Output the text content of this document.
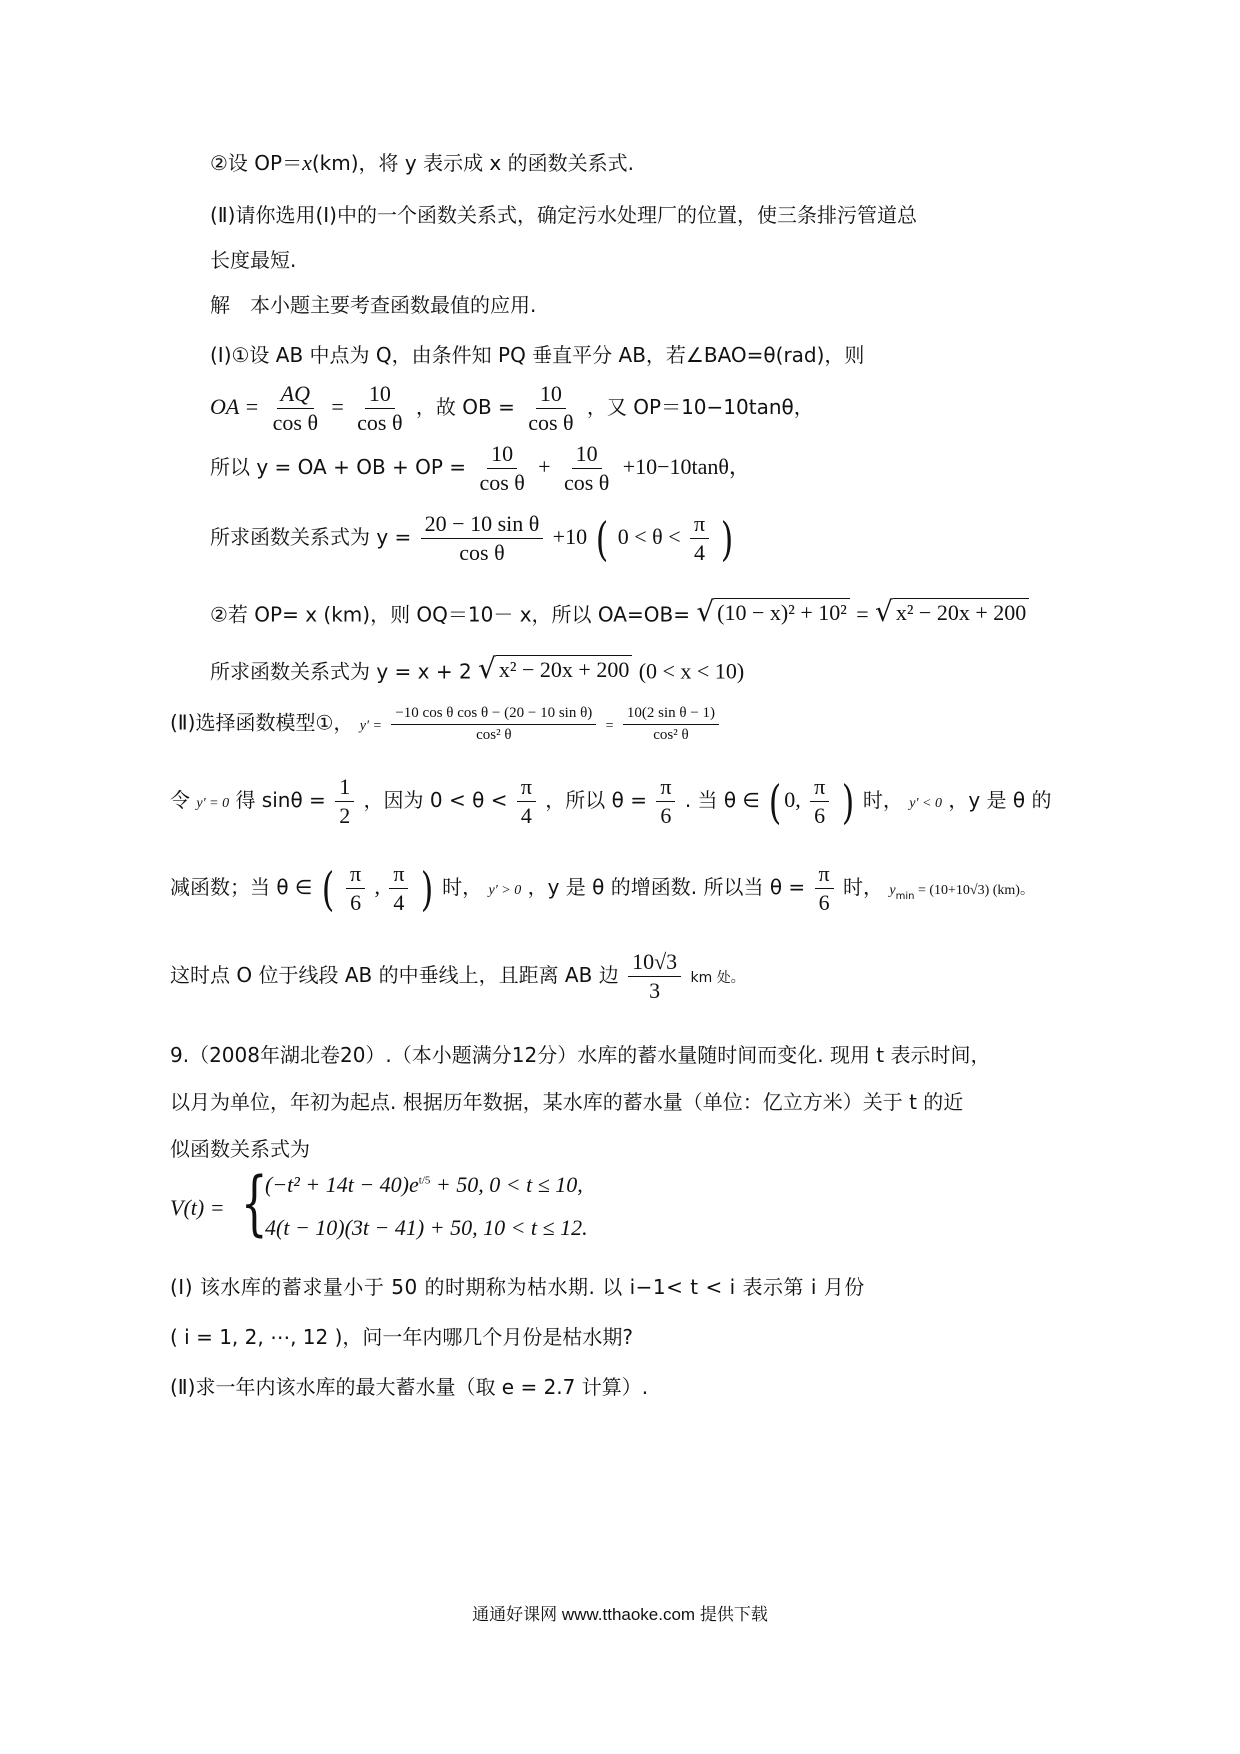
②设 OP＝x(km)，将 y 表示成 x 的函数关系式.
(Ⅱ)请你选用(Ⅰ)中的一个函数关系式，确定污水处理厂的位置，使三条排污管道总
长度最短.
解　本小题主要考查函数最值的应用.
(Ⅰ)①设 AB 中点为 Q，由条件知 PQ 垂直平分 AB，若∠BAO=θ(rad)，则
OA = $\frac{AQ}{\text{cos θ}} = \frac{10}{\text{cos θ}}$ ，故 OB = $\frac{10}{\text{cos θ}}$ ，又 OP＝10−10tanθ，
所以 y = OA + OB + OP = $\frac{10}{\text{cos θ}} + \frac{10}{\text{cos θ}} +10-10\tan\theta$，
所求函数关系式为 $y = \frac{\text{20 − 10 sin θ}}{\text{cos θ}} +10$ ( $0 < \theta < \frac{\pi}{4}$ )
②若 OP= x (km)，则 OQ＝10－ x，所以 OA=OB= √ (10 − x)² + 10² = √ x² − 20x + 200
所求函数关系式为 y = x + 2 √ x² − 20x + 200 (0 < x < 10)
(Ⅱ)选择函数模型①， $y' = \frac{\text{−10 cos θ cos θ − (20 − 10 sin θ)}}{\text{cos² θ}} = \frac{\text{10(2 sin θ − 1)}}{\text{cos² θ}}$
令 y′ = 0 得 $\sin\theta = \frac{1}{2}$ ，因为 $0 < \theta < \frac{\pi}{4}$ ，所以 $\theta = \frac{\pi}{6}$ . 当 θ ∈ ( 0, $\frac{\pi}{6}$ ) 时， y′ < 0 ，y 是 θ 的
减函数；当 θ ∈ ( $\frac{\pi}{6}$ , $\frac{\pi}{4}$ ) 时， y′ > 0 ，y 是 θ 的增函数. 所以当 $\theta = \frac{\pi}{6}$ 时， $y_{min} = (10+10√3)$ (km)。
这时点 O 位于线段 AB 的中垂线上，且距离 AB 边 $\frac{10√3}{3}$ km 处。
9.（2008年湖北卷20）.（本小题满分12分）水库的蓄水量随时间而变化. 现用 t 表示时间，
以月为单位，年初为起点. 根据历年数据，某水库的蓄水量（单位：亿立方米）关于 t 的近
似函数关系式为
V(t) = {
$(-t^2 + 14t - 40)e^{t/5} + 50$, 0 < t ≤ 10,
4(t − 10)(3t − 41) + 50, 10 < t ≤ 12.
(Ⅰ) 该水库的蓄求量小于 50 的时期称为枯水期. 以 i−1< t < i 表示第 i 月份
( i = 1, 2, ⋯, 12 )，问一年内哪几个月份是枯水期?
(Ⅱ)求一年内该水库的最大蓄水量（取 e = 2.7 计算）.
通通好课网 www.tthaoke.com 提供下载
